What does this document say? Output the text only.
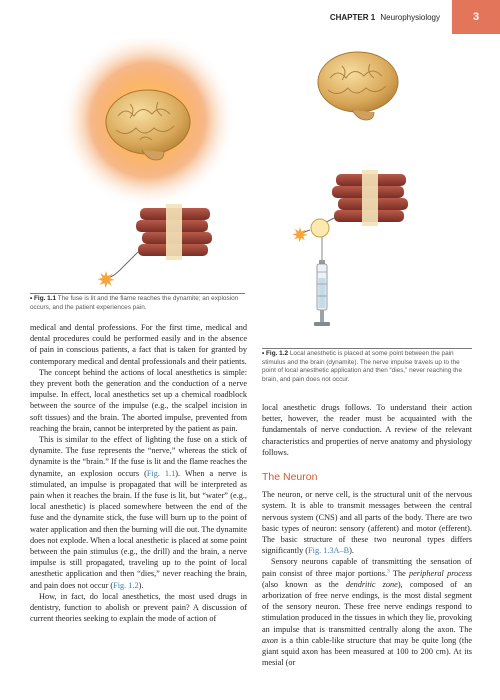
CHAPTER 1 Neurophysiology	3
• Fig. 1.1 The fuse is lit and the flame reaches the dynamite; an explosion occurs, and the patient experiences pain.
• Fig. 1.2 Local anesthetic is placed at some point between the pain stimulus and the brain (dynamite). The nerve impulse travels up to the point of local anesthetic application and then “dies,” never reaching the brain, and pain does not occur.

medical and dental professions. For the first time, medical and dental procedures could be performed easily and in the absence of pain in conscious patients, a fact that is taken for granted by contemporary medical and dental professionals and their patients.

The concept behind the actions of local anesthetics is simple: they prevent both the generation and the conduction of a nerve impulse. In effect, local anesthetics set up a chemical roadblock between the source of the impulse (e.g., the scalpel incision in soft tissues) and the brain. The aborted impulse, prevented from reaching the brain, cannot be interpreted by the patient as pain.

This is similar to the effect of lighting the fuse on a stick of dynamite. The fuse represents the “nerve,” whereas the stick of dynamite is the “brain.” If the fuse is lit and the flame reaches the dynamite, an explosion occurs (Fig. 1.1). When a nerve is stimulated, an impulse is propagated that will be interpreted as pain when it reaches the brain. If the fuse is lit, but “water” (e.g., local anesthetic) is placed somewhere between the end of the fuse and the dynamite stick, the fuse will burn up to the point of water application and then the burning will die out. The dynamite does not explode. When a local anesthetic is placed at some point between the pain stimulus (e.g., the drill) and the brain, a nerve impulse is still propagated, traveling up to the point of local anesthetic application and then “dies,” never reaching the brain, and pain does not occur (Fig. 1.2).

How, in fact, do local anesthetics, the most used drugs in dentistry, function to abolish or prevent pain? A discussion of current theories seeking to explain the mode of action of

local anesthetic drugs follows. To understand their action better, however, the reader must be acquainted with the fundamentals of nerve conduction. A review of the relevant characteristics and properties of nerve anatomy and physiology follows.

The Neuron

The neuron, or nerve cell, is the structural unit of the nervous system. It is able to transmit messages between the central nervous system (CNS) and all parts of the body. There are two basic types of neuron: sensory (afferent) and motor (efferent). The basic structure of these two neuronal types differs significantly (Fig. 1.3A–B).

Sensory neurons capable of transmitting the sensation of pain consist of three major portions.$^3$ The peripheral process (also known as the dendritic zone), composed of an arborization of free nerve endings, is the most distal segment of the sensory neuron. These free nerve endings respond to stimulation produced in the tissues in which they lie, provoking an impulse that is transmitted centrally along the axon. The axon is a thin cable-like structure that may be quite long (the giant squid axon has been measured at 100 to 200 cm). At its mesial (or
